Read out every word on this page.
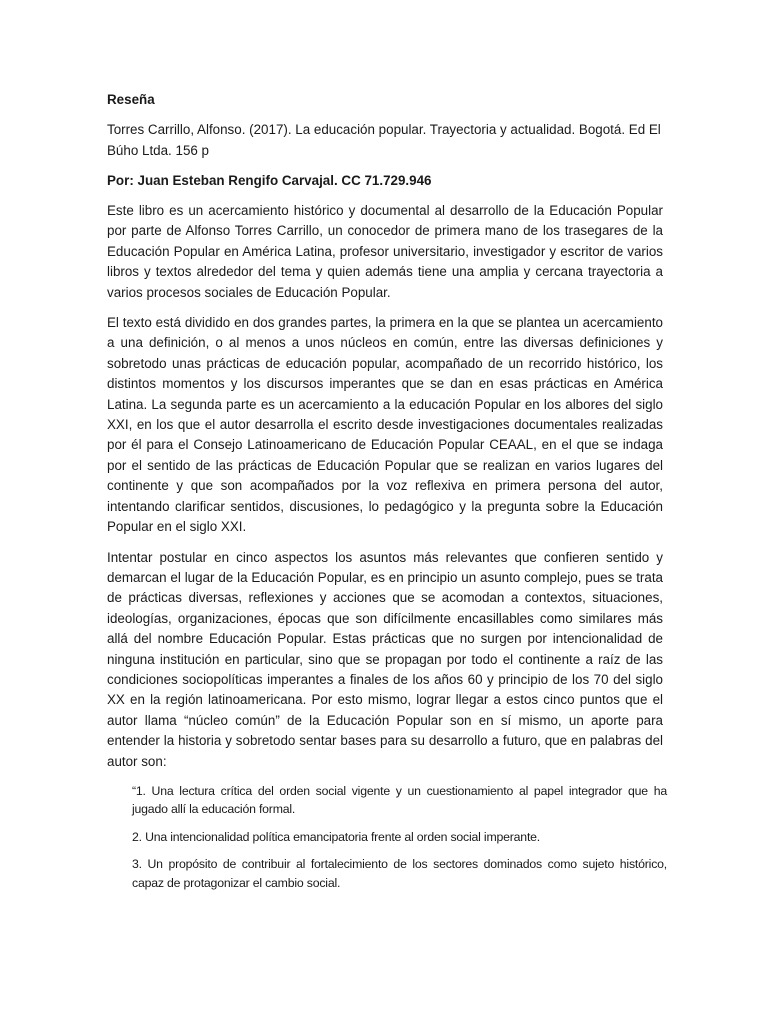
Reseña

Torres Carrillo, Alfonso. (2017). La educación popular. Trayectoria y actualidad. Bogotá. Ed El Búho Ltda. 156 p

Por: Juan Esteban Rengifo Carvajal. CC 71.729.946

Este libro es un acercamiento histórico y documental al desarrollo de la Educación Popular por parte de Alfonso Torres Carrillo, un conocedor de primera mano de los trasegares de la Educación Popular en América Latina, profesor universitario, investigador y escritor de varios libros y textos alrededor del tema y quien además tiene una amplia y cercana trayectoria a varios procesos sociales de Educación Popular.

El texto está dividido en dos grandes partes, la primera en la que se plantea un acercamiento a una definición, o al menos a unos núcleos en común, entre las diversas definiciones y sobretodo unas prácticas de educación popular, acompañado de un recorrido histórico, los distintos momentos y los discursos imperantes que se dan en esas prácticas en América Latina. La segunda parte es un acercamiento a la educación Popular en los albores del siglo XXI, en los que el autor desarrolla el escrito desde investigaciones documentales realizadas por él para el Consejo Latinoamericano de Educación Popular CEAAL, en el que se indaga por el sentido de las prácticas de Educación Popular que se realizan en varios lugares del continente y que son acompañados por la voz reflexiva en primera persona del autor, intentando clarificar sentidos, discusiones, lo pedagógico y la pregunta sobre la Educación Popular en el siglo XXI.

Intentar postular en cinco aspectos los asuntos más relevantes que confieren sentido y demarcan el lugar de la Educación Popular, es en principio un asunto complejo, pues se trata de prácticas diversas, reflexiones y acciones que se acomodan a contextos, situaciones, ideologías, organizaciones, épocas que son difícilmente encasillables como similares más allá del nombre Educación Popular. Estas prácticas que no surgen por intencionalidad de ninguna institución en particular, sino que se propagan por todo el continente a raíz de las condiciones sociopolíticas imperantes a finales de los años 60 y principio de los 70 del siglo XX en la región latinoamericana. Por esto mismo, lograr llegar a estos cinco puntos que el autor llama “núcleo común” de la Educación Popular son en sí mismo, un aporte para entender la historia y sobretodo sentar bases para su desarrollo a futuro, que en palabras del autor son:

“1. Una lectura crítica del orden social vigente y un cuestionamiento al papel integrador que ha jugado allí la educación formal.

2. Una intencionalidad política emancipatoria frente al orden social imperante.

3. Un propósito de contribuir al fortalecimiento de los sectores dominados como sujeto histórico, capaz de protagonizar el cambio social.
